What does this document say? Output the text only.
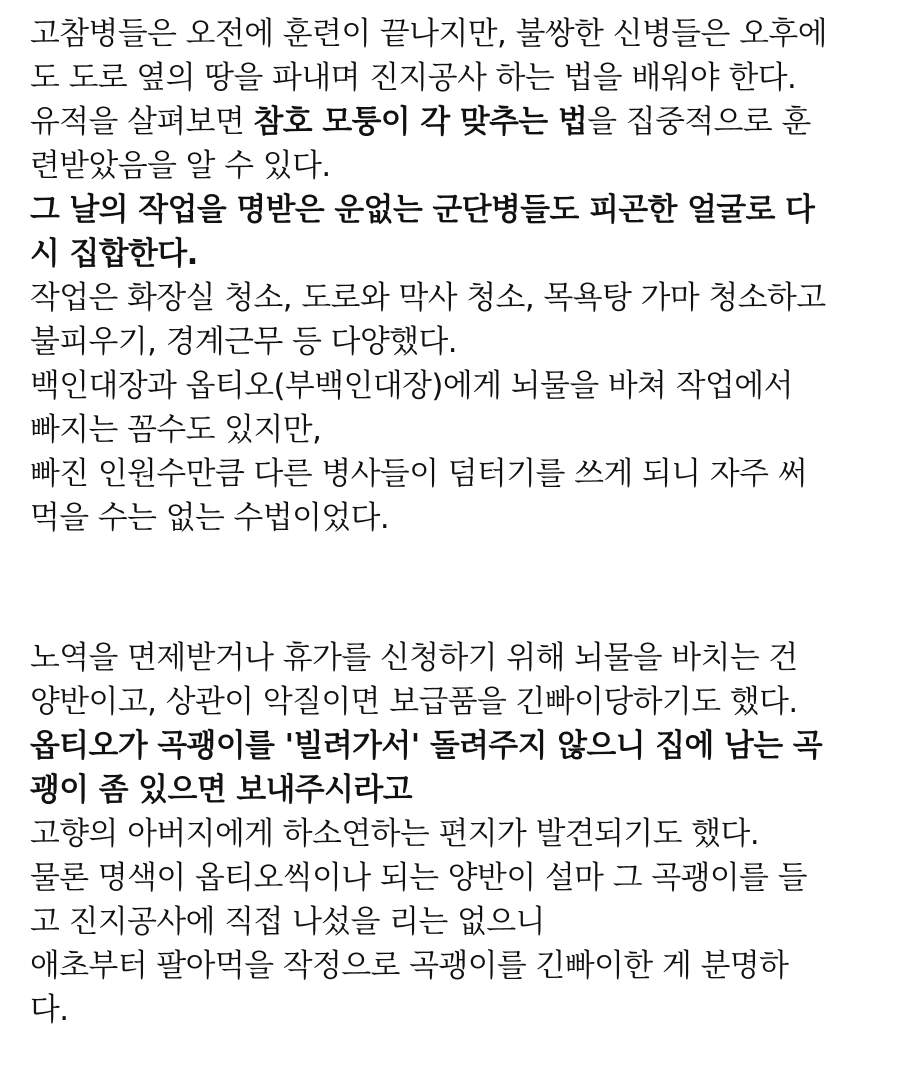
고참병들은 오전에 훈련이 끝나지만, 불쌍한 신병들은 오후에
도 도로 옆의 땅을 파내며 진지공사 하는 법을 배워야 한다.
유적을 살펴보면 참호 모퉁이 각 맞추는 법을 집중적으로 훈
련받았음을 알 수 있다.
그 날의 작업을 명받은 운없는 군단병들도 피곤한 얼굴로 다
시 집합한다.
작업은 화장실 청소, 도로와 막사 청소, 목욕탕 가마 청소하고
불피우기, 경계근무 등 다양했다.
백인대장과 옵티오(부백인대장)에게 뇌물을 바쳐 작업에서
빠지는 꼼수도 있지만,
빠진 인원수만큼 다른 병사들이 덤터기를 쓰게 되니 자주 써
먹을 수는 없는 수법이었다.
노역을 면제받거나 휴가를 신청하기 위해 뇌물을 바치는 건
양반이고, 상관이 악질이면 보급품을 긴빠이당하기도 했다.
옵티오가 곡괭이를 '빌려가서' 돌려주지 않으니 집에 남는 곡
괭이 좀 있으면 보내주시라고
고향의 아버지에게 하소연하는 편지가 발견되기도 했다.
물론 명색이 옵티오씩이나 되는 양반이 설마 그 곡괭이를 들
고 진지공사에 직접 나섰을 리는 없으니
애초부터 팔아먹을 작정으로 곡괭이를 긴빠이한 게 분명하
다.
